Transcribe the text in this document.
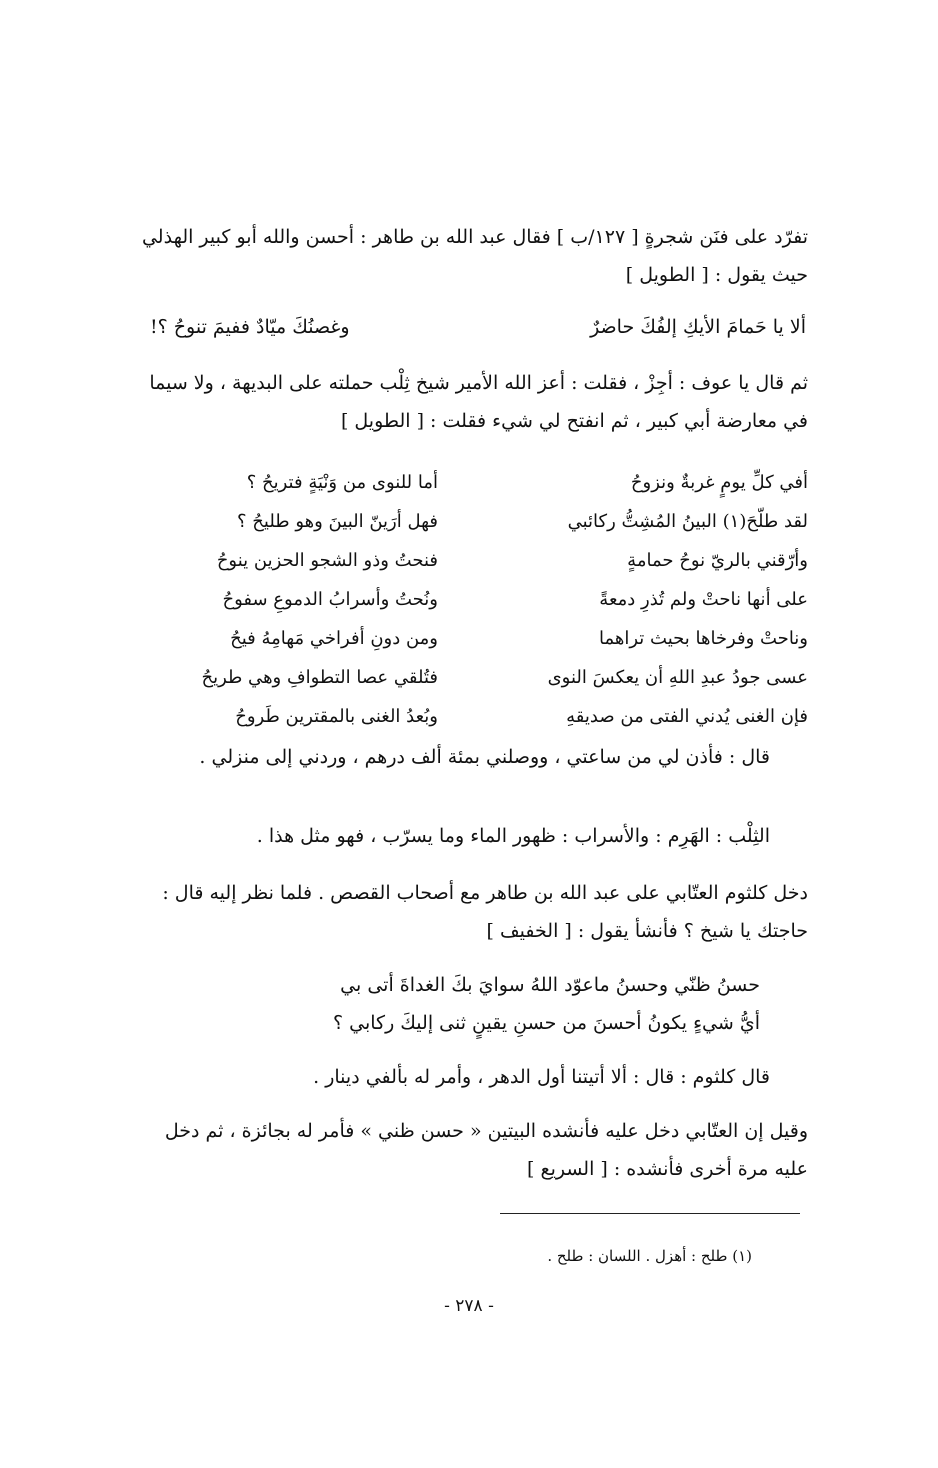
تفرّد على فنَن شجرةٍ [ ١٢٧/ب ] فقال عبد الله بن طاهر : أحسن والله أبو كبير الهذلي
حيث يقول : [ الطويل ]
ألا يا حَمامَ الأيكِ إلفُكَ حاضرٌ
وغصنُكَ ميّادٌ ففيمَ تنوحُ ؟!
ثم قال يا عوف : أجِزْ ، فقلت : أعز الله الأمير شيخ ثِلْب حملته على البديهة ، ولا سيما
في معارضة أبي كبير ، ثم انفتح لي شيء فقلت : [ الطويل ]
أفي كلِّ يومٍ غربةٌ ونزوحُ
أما للنوى من وَنْيَةٍ فتريحُ ؟
لقد طلّحَ(١) البينُ المُشِتُّ ركائبي
فهل أرَينّ البينَ وهو طليحُ ؟
وأرّقني بالريّ نوحُ حمامةٍ
فنحتُ وذو الشجو الحزين ينوحُ
على أنها ناحتْ ولم تُذرِ دمعةً
ونُحتُ وأسرابُ الدموعِ سفوحُ
وناحتْ وفرخاها بحيث تراهما
ومن دونِ أفراخي مَهامِهُ فيحُ
عسى جودُ عبدِ اللهِ أن يعكسَ النوى
فتُلقي عصا التطوافِ وهي طريحُ
فإن الغنى يُدني الفتى من صديقهِ
وبُعدُ الغنى بالمقترين طَروحُ
قال : فأذن لي من ساعتي ، ووصلني بمئة ألف درهم ، وردني إلى منزلي .
الثِلْب : الهَرِم : والأسراب : ظهور الماء وما يسرّب ، فهو مثل هذا .
دخل كلثوم العتّابي على عبد الله بن طاهر مع أصحاب القصص . فلما نظر إليه قال :
حاجتك يا شيخ ؟ فأنشأ يقول : [ الخفيف ]
حسنُ ظنّي وحسنُ ماعوّد اللهُ سوايَ بكَ الغداةَ أتى بي
أيُّ شيءٍ يكونُ أحسنَ من حسنِ يقينٍ ثنى إليكَ ركابي ؟
قال كلثوم : قال : ألا أتيتنا أول الدهر ، وأمر له بألفي دينار .
وقيل إن العتّابي دخل عليه فأنشده البيتين « حسن ظني » فأمر له بجائزة ، ثم دخل
عليه مرة أخرى فأنشده : [ السريع ]
(١) طلح : أهزل . اللسان : طلح .
- ٢٧٨ -
